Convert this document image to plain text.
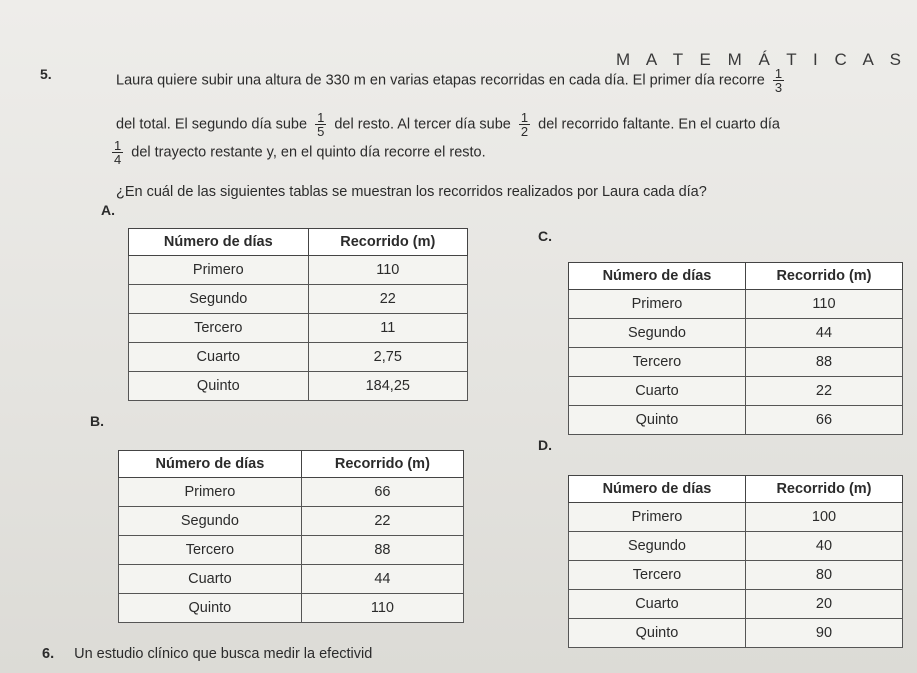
M A T E M Á T I C A S
5.	Laura quiere subir una altura de 330 m en varias etapas recorridas en cada día. El primer día recorre $\frac{1}{3}$
del total. El segundo día sube $\frac{1}{5}$ del resto. Al tercer día sube $\frac{1}{2}$ del recorrido faltante. En el cuarto día
$\frac{1}{4}$ del trayecto restante y, en el quinto día recorre el resto.
¿En cuál de las siguientes tablas se muestran los recorridos realizados por Laura cada día?
A.
Número de días	Recorrido (m)
Primero	110
Segundo	22
Tercero	11
Cuarto	2,75
Quinto	184,25
B.
Número de días	Recorrido (m)
Primero	66
Segundo	22
Tercero	88
Cuarto	44
Quinto	110
C.
Número de días	Recorrido (m)
Primero	110
Segundo	44
Tercero	88
Cuarto	22
Quinto	66
D.
Número de días	Recorrido (m)
Primero	100
Segundo	40
Tercero	80
Cuarto	20
Quinto	90
6. Un estudio clínico que busca medir la efectivid
